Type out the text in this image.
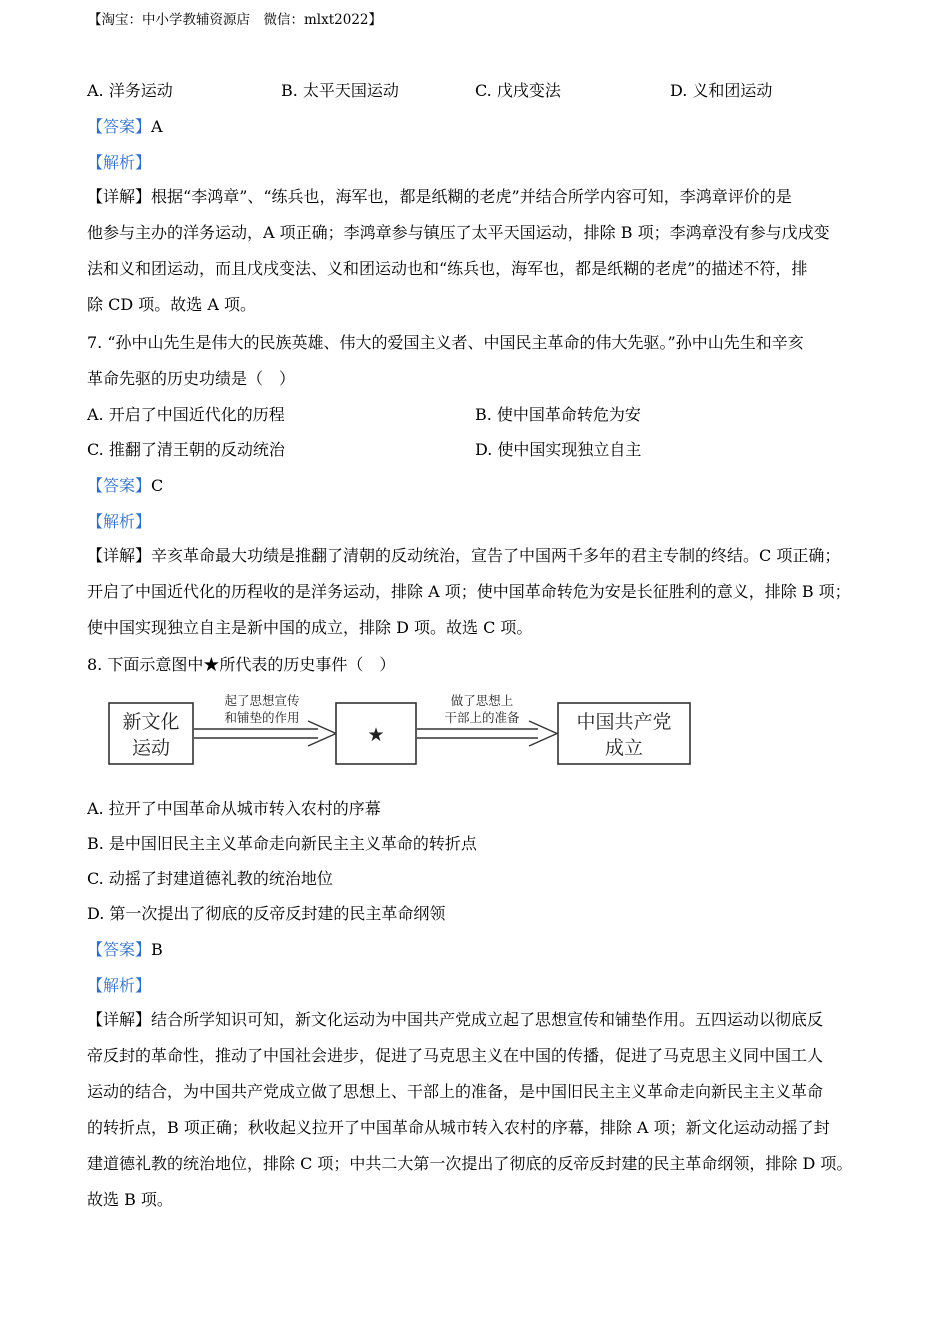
【淘宝：中小学教辅资源店　微信：mlxt2022】
A. 洋务运动	B. 太平天国运动	C. 戊戌变法	D. 义和团运动
【答案】 A
【解析】
【详解】 根据“李鸿章”、“练兵也，海军也，都是纸糊的老虎”并结合所学内容可知，李鸿章评价的是
他参与主办的洋务运动，A 项正确；李鸿章参与镇压了太平天国运动，排除 B 项；李鸿章没有参与戊戌变
法和义和团运动，而且戊戌变法、义和团运动也和“练兵也，海军也，都是纸糊的老虎”的描述不符，排
除 CD 项。故选 A 项。
7. “孙中山先生是伟大的民族英雄、伟大的爱国主义者、中国民主革命的伟大先驱。”孙中山先生和辛亥
革命先驱的历史功绩是（　）
A. 开启了中国近代化的历程	B. 使中国革命转危为安
C. 推翻了清王朝的反动统治	D. 使中国实现独立自主
【答案】 C
【解析】
【详解】 辛亥革命最大功绩是推翻了清朝的反动统治，宣告了中国两千多年的君主专制的终结。C 项正确；
开启了中国近代化的历程收的是洋务运动，排除 A 项；使中国革命转危为安是长征胜利的意义，排除 B 项；
使中国实现独立自主是新中国的成立，排除 D 项。故选 C 项。
8. 下面示意图中★所代表的历史事件（　）
新文化
运动
起了思想宣传
和铺垫的作用
★
做了思想上
干部上的准备	中国共产党
成立
A. 拉开了中国革命从城市转入农村的序幕
B. 是中国旧民主主义革命走向新民主主义革命的转折点
C. 动摇了封建道德礼教的统治地位
D. 第一次提出了彻底的反帝反封建的民主革命纲领
【答案】 B
【解析】
【详解】 结合所学知识可知，新文化运动为中国共产党成立起了思想宣传和铺垫作用。五四运动以彻底反
帝反封的革命性，推动了中国社会进步，促进了马克思主义在中国的传播，促进了马克思主义同中国工人
运动的结合，为中国共产党成立做了思想上、干部上的准备，是中国旧民主主义革命走向新民主主义革命
的转折点，B 项正确；秋收起义拉开了中国革命从城市转入农村的序幕，排除 A 项；新文化运动动摇了封
建道德礼教的统治地位，排除 C 项；中共二大第一次提出了彻底的反帝反封建的民主革命纲领，排除 D 项。
故选 B 项。
